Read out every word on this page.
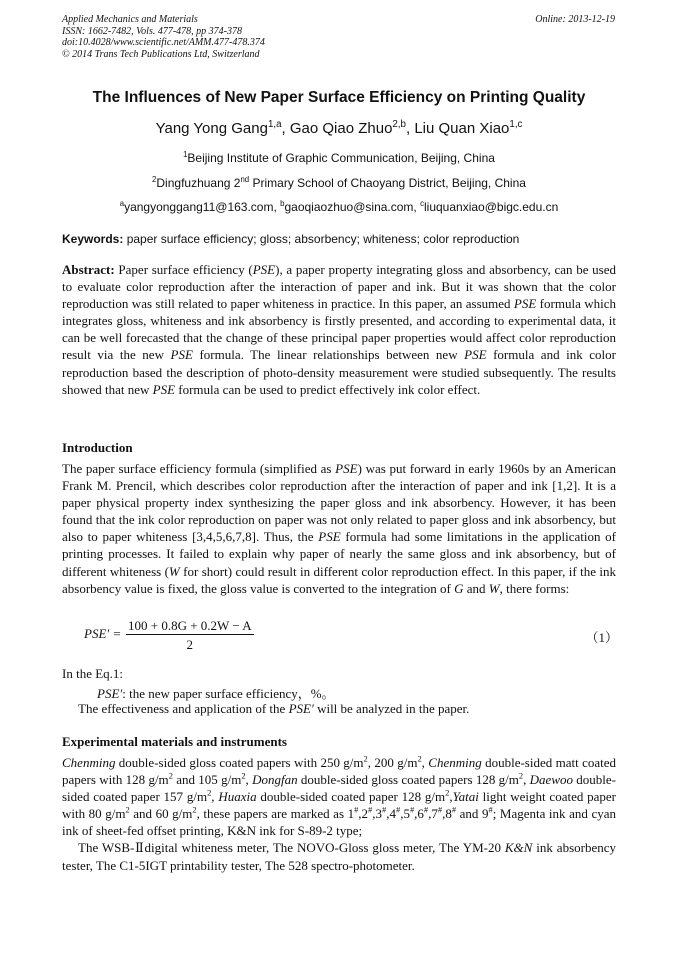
Applied Mechanics and Materials
ISSN: 1662-7482, Vols. 477-478, pp 374-378
doi:10.4028/www.scientific.net/AMM.477-478.374
© 2014 Trans Tech Publications Ltd, Switzerland
Online: 2013-12-19
The Influences of New Paper Surface Efficiency on Printing Quality
Yang Yong Gang$^{1,a}$, Gao Qiao Zhuo$^{2,b}$, Liu Quan Xiao$^{1,c}$
$^1$Beijing Institute of Graphic Communication, Beijing, China
$^2$Dingfuzhuang 2nd Primary School of Chaoyang District, Beijing, China
$^a$yangyonggang11@163.com, $^b$gaoqiaozhuo@sina.com, $^c$liuquanxiao@bigc.edu.cn
Keywords: paper surface efficiency; gloss; absorbency; whiteness; color reproduction

Abstract: Paper surface efficiency (PSE), a paper property integrating gloss and absorbency, can be used to evaluate color reproduction after the interaction of paper and ink. But it was shown that the color reproduction was still related to paper whiteness in practice. In this paper, an assumed PSE formula which integrates gloss, whiteness and ink absorbency is firstly presented, and according to experimental data, it can be well forecasted that the change of these principal paper properties would affect color reproduction result via the new PSE formula. The linear relationships between new PSE formula and ink color reproduction based the description of photo-density measurement were studied subsequently. The results showed that new PSE formula can be used to predict effectively ink color effect.

Introduction

The paper surface efficiency formula (simplified as PSE) was put forward in early 1960s by an American Frank M. Prencil, which describes color reproduction after the interaction of paper and ink [1,2]. It is a paper physical property index synthesizing the paper gloss and ink absorbency. However, it has been found that the ink color reproduction on paper was not only related to paper gloss and ink absorbency, but also to paper whiteness [3,4,5,6,7,8]. Thus, the PSE formula had some limitations in the application of printing processes. It failed to explain why paper of nearly the same gloss and ink absorbency, but of different whiteness (W for short) could result in different color reproduction effect. In this paper, if the ink absorbency value is fixed, the gloss value is converted to the integration of G and W, there forms:

$PSE' = \frac{100 + 0.8G + 0.2W - A}{2}$	（1）
In the Eq.1:
PSE′: the new paper surface efficiency，%。
The effectiveness and application of the PSE′ will be analyzed in the paper.
Experimental materials and instruments

Chenming double-sided gloss coated papers with 250 $g/m^2$, 200 $g/m^2$, Chenming double-sided matt coated papers with 128 $g/m^2$ and 105 $g/m^2$, Dongfan double-sided gloss coated papers 128 $g/m^2$, Daewoo double-sided coated paper 157 $g/m^2$, Huaxia double-sided coated paper 128 $g/m^2,Yatai$ light weight coated paper with 80 $g/m^2$ and 60 $g/m^2$, these papers are marked as 1#,2#,3#,4#,5#,6#,7#,8# and 9#; Magenta ink and cyan ink of sheet-fed offset printing, K&N ink for S-89-2 type;

The WSB-Ⅱdigital whiteness meter, The NOVO-Gloss gloss meter, The YM-20 K&N ink absorbency tester, The C1-5IGT printability tester, The 528 spectro-photometer.
